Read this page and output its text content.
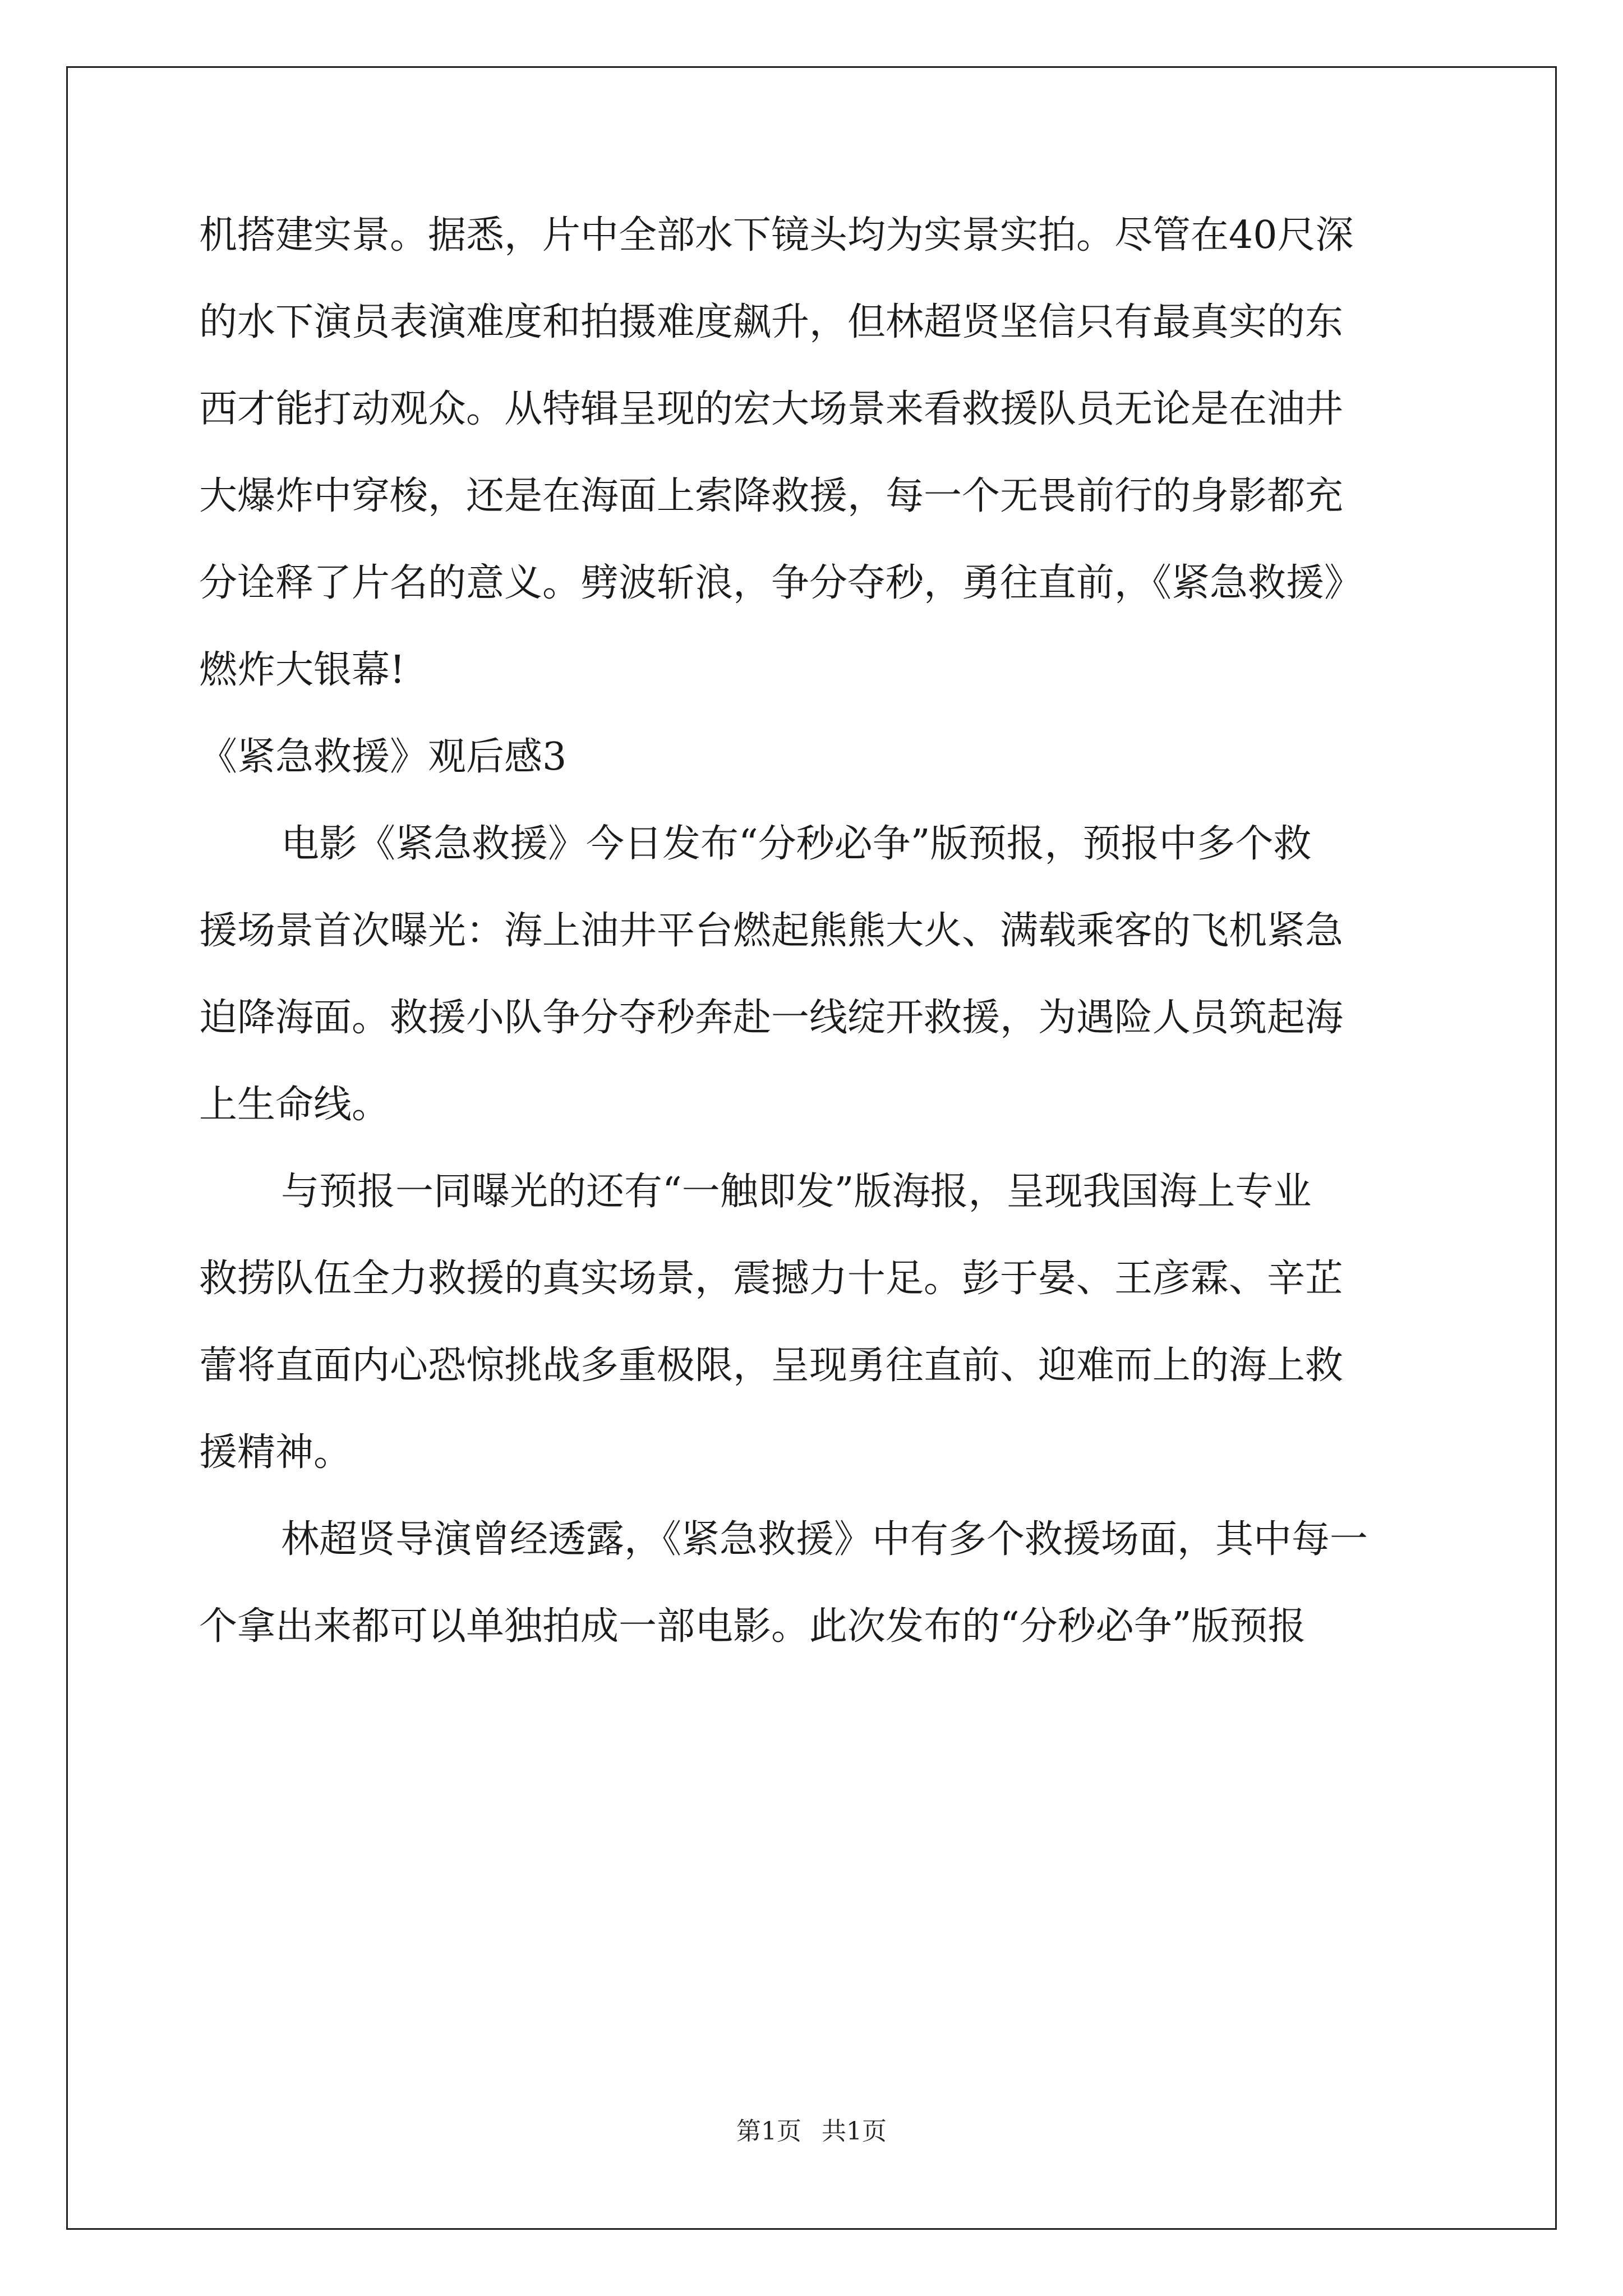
机搭建实景。据悉，片中全部水下镜头均为实景实拍。尽管在40尺深
的水下演员表演难度和拍摄难度飙升，但林超贤坚信只有最真实的东
西才能打动观众。从特辑呈现的宏大场景来看救援队员无论是在油井
大爆炸中穿梭，还是在海面上索降救援，每一个无畏前行的身影都充
分诠释了片名的意义。劈波斩浪，争分夺秒，勇往直前，《紧急救援》
燃炸大银幕!
《紧急救援》观后感3
电影《紧急救援》今日发布“分秒必争”版预报，预报中多个救
援场景首次曝光：海上油井平台燃起熊熊大火、满载乘客的飞机紧急
迫降海面。救援小队争分夺秒奔赴一线绽开救援，为遇险人员筑起海
上生命线。
与预报一同曝光的还有“一触即发”版海报，呈现我国海上专业
救捞队伍全力救援的真实场景，震撼力十足。彭于晏、王彦霖、辛芷
蕾将直面内心恐惊挑战多重极限，呈现勇往直前、迎难而上的海上救
援精神。
林超贤导演曾经透露，《紧急救援》中有多个救援场面，其中每一
个拿出来都可以单独拍成一部电影。此次发布的“分秒必争”版预报
第1页 共1页
